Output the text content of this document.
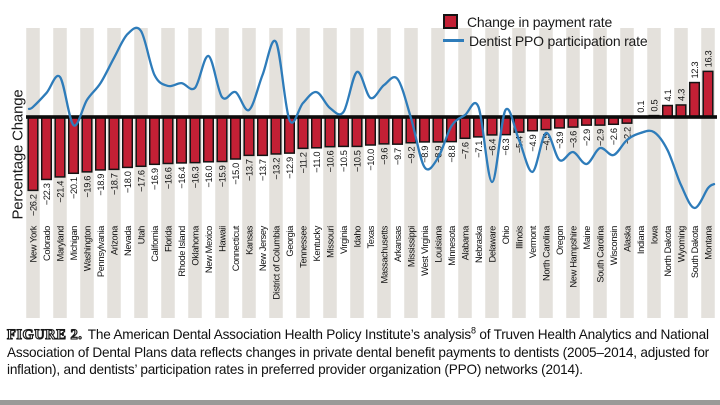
Percentage Change −26.2
New York
−22.3
Colorado
−21.4
Maryland
−20.1
Michigan
−19.6
Washington
−18.9
Pennsylvania
−18.7
Arizona
−18.0
Nevada
−17.6
Utah
−16.9
California
−16.6
Florida
−16.4
Rhode Island
−16.3
Oklahoma
−16.0
New Mexico
−15.9
Hawaii
−15.0
Connecticut
−13.7
Kansas
−13.7
New Jersey
−13.2
District of Columbia
−12.9
Georgia
−11.2
Tennessee
−11.0
Kentucky
−10.6
Missouri
−10.5
Virginia
−10.5
Idaho
−10.0
Texas
−9.6
Massachusetts
−9.7
Arkansas
−9.2
Mississippi
−8.9
West Virginia
−8.9
Louisiana
−8.8
Minnesota
−7.6
Alabama
−7.1
Nebraska
−6.4
Delaware
−6.3
Ohio
−5.4
Illinois
−4.9
Vermont
−4.5
North Carolina
−3.9
Oregon
−3.6
New Hampshire
−2.9
Maine
−2.9
South Carolina
−2.6
Wisconsin
−2.2
Alaska
0.1
Indiana
0.5
Iowa
4.1
North Dakota
4.3
Wyoming
12.3
South Dakota
16.3
Montana
Change in payment rate
Dentist PPO participation rate
FIGURE 2. The American Dental Association Health Policy Institute’s analysis$^8$ of Truven Health Analytics and National Association of Dental Plans data reflects changes in private dental benefit payments to dentists (2005–2014, adjusted for inflation), and dentists’ participation rates in preferred provider organization (PPO) networks (2014).
